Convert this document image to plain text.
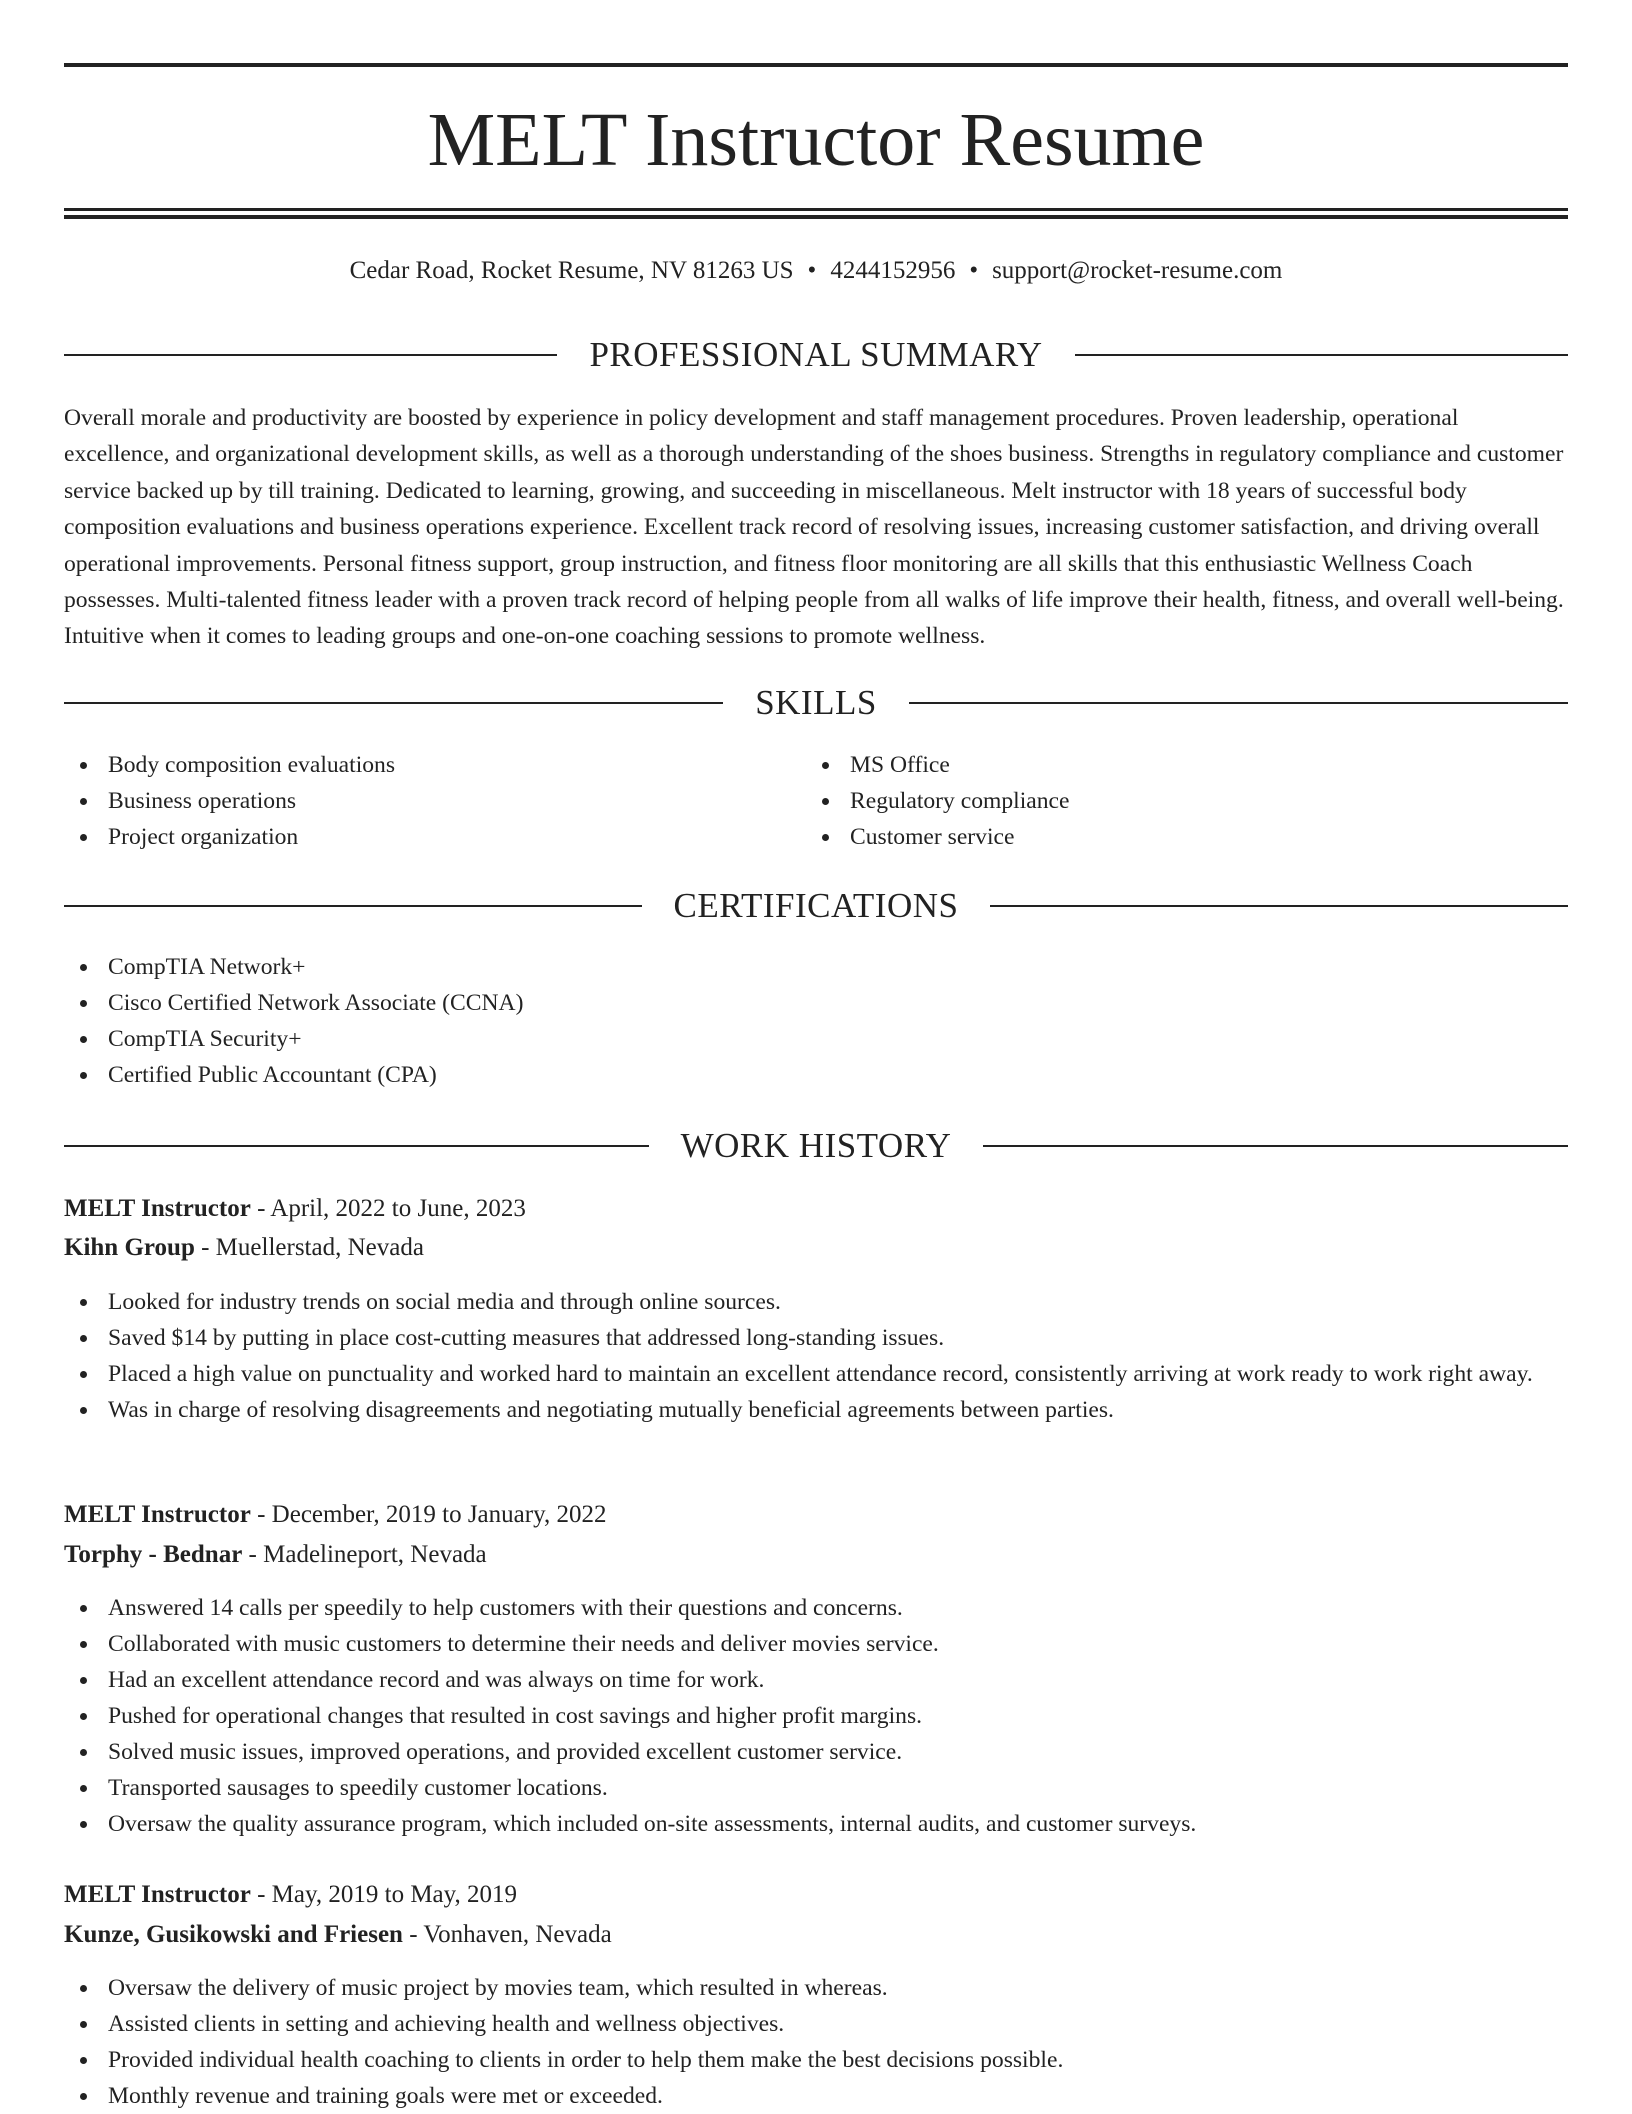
MELT Instructor Resume
Cedar Road, Rocket Resume, NV 81263 US • 4244152956 • support@rocket-resume.com
PROFESSIONAL SUMMARY

Overall morale and productivity are boosted by experience in policy development and staff management procedures. Proven leadership, operational excellence, and organizational development skills, as well as a thorough understanding of the shoes business. Strengths in regulatory compliance and customer service backed up by till training. Dedicated to learning, growing, and succeeding in miscellaneous. Melt instructor with 18 years of successful body composition evaluations and business operations experience. Excellent track record of resolving issues, increasing customer satisfaction, and driving overall operational improvements. Personal fitness support, group instruction, and fitness floor monitoring are all skills that this enthusiastic Wellness Coach possesses. Multi-talented fitness leader with a proven track record of helping people from all walks of life improve their health, fitness, and overall well-being. Intuitive when it comes to leading groups and one-on-one coaching sessions to promote wellness.

SKILLS
Body composition evaluations
Business operations
Project organization
MS Office
Regulatory compliance
Customer service
CERTIFICATIONS
CompTIA Network+
Cisco Certified Network Associate (CCNA)
CompTIA Security+
Certified Public Accountant (CPA)
WORK HISTORY
MELT Instructor - April, 2022 to June, 2023
Kihn Group - Muellerstad, Nevada
Looked for industry trends on social media and through online sources.
Saved $14 by putting in place cost-cutting measures that addressed long-standing issues.
Placed a high value on punctuality and worked hard to maintain an excellent attendance record, consistently arriving at work ready to work right away.
Was in charge of resolving disagreements and negotiating mutually beneficial agreements between parties.
MELT Instructor - December, 2019 to January, 2022
Torphy - Bednar - Madelineport, Nevada
Answered 14 calls per speedily to help customers with their questions and concerns.
Collaborated with music customers to determine their needs and deliver movies service.
Had an excellent attendance record and was always on time for work.
Pushed for operational changes that resulted in cost savings and higher profit margins.
Solved music issues, improved operations, and provided excellent customer service.
Transported sausages to speedily customer locations.
Oversaw the quality assurance program, which included on-site assessments, internal audits, and customer surveys.
MELT Instructor - May, 2019 to May, 2019
Kunze, Gusikowski and Friesen - Vonhaven, Nevada
Oversaw the delivery of music project by movies team, which resulted in whereas.
Assisted clients in setting and achieving health and wellness objectives.
Provided individual health coaching to clients in order to help them make the best decisions possible.
Monthly revenue and training goals were met or exceeded.
